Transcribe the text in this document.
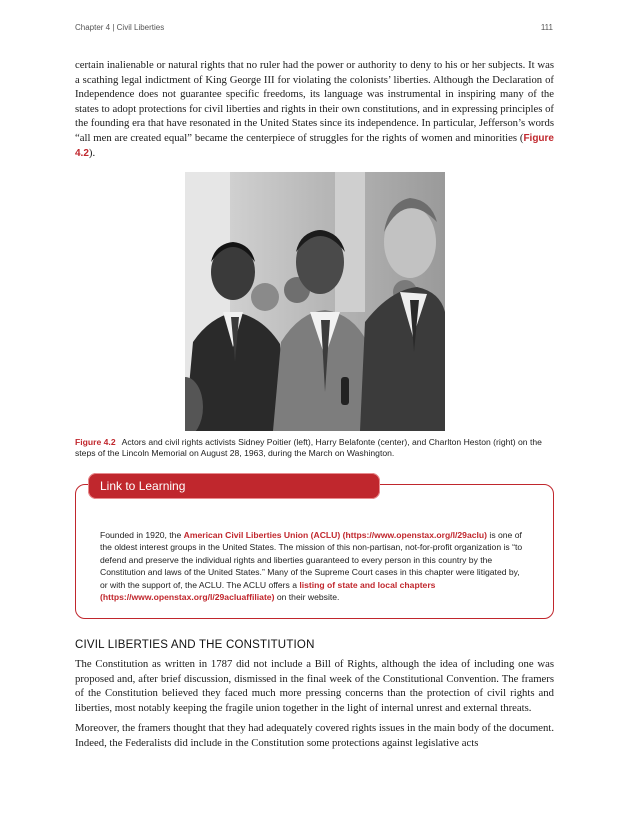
Chapter 4 | Civil Liberties	111

certain inalienable or natural rights that no ruler had the power or authority to deny to his or her subjects. It was a scathing legal indictment of King George III for violating the colonists’ liberties. Although the Declaration of Independence does not guarantee specific freedoms, its language was instrumental in inspiring many of the states to adopt protections for civil liberties and rights in their own constitutions, and in expressing principles of the founding era that have resonated in the United States since its independence. In particular, Jefferson’s words “all men are created equal” became the centerpiece of struggles for the rights of women and minorities (Figure 4.2).

Figure 4.2 Actors and civil rights activists Sidney Poitier (left), Harry Belafonte (center), and Charlton Heston (right) on the steps of the Lincoln Memorial on August 28, 1963, during the March on Washington.
Link to Learning
Founded in 1920, the American Civil Liberties Union (ACLU) (https://www.openstax.org/l/29aclu) is one of the oldest interest groups in the United States. The mission of this non-partisan, not-for-profit organization is “to defend and preserve the individual rights and liberties guaranteed to every person in this country by the Constitution and laws of the United States.” Many of the Supreme Court cases in this chapter were litigated by, or with the support of, the ACLU. The ACLU offers a listing of state and local chapters (https://www.openstax.org/l/29acluaffiliate) on their website.
CIVIL LIBERTIES AND THE CONSTITUTION

The Constitution as written in 1787 did not include a Bill of Rights, although the idea of including one was proposed and, after brief discussion, dismissed in the final week of the Constitutional Convention. The framers of the Constitution believed they faced much more pressing concerns than the protection of civil rights and liberties, most notably keeping the fragile union together in the light of internal unrest and external threats.

Moreover, the framers thought that they had adequately covered rights issues in the main body of the document. Indeed, the Federalists did include in the Constitution some protections against legislative acts
